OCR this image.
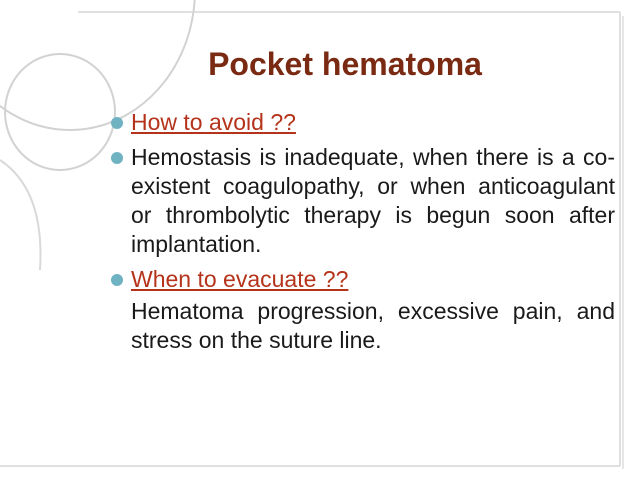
Pocket hematoma
How to avoid ??
Hemostasis is inadequate, when there is a co-existent coagulopathy, or when anticoagulant or thrombolytic therapy is begun soon after implantation.
When to evacuate ??
Hematoma progression, excessive pain, and stress on the suture line.
